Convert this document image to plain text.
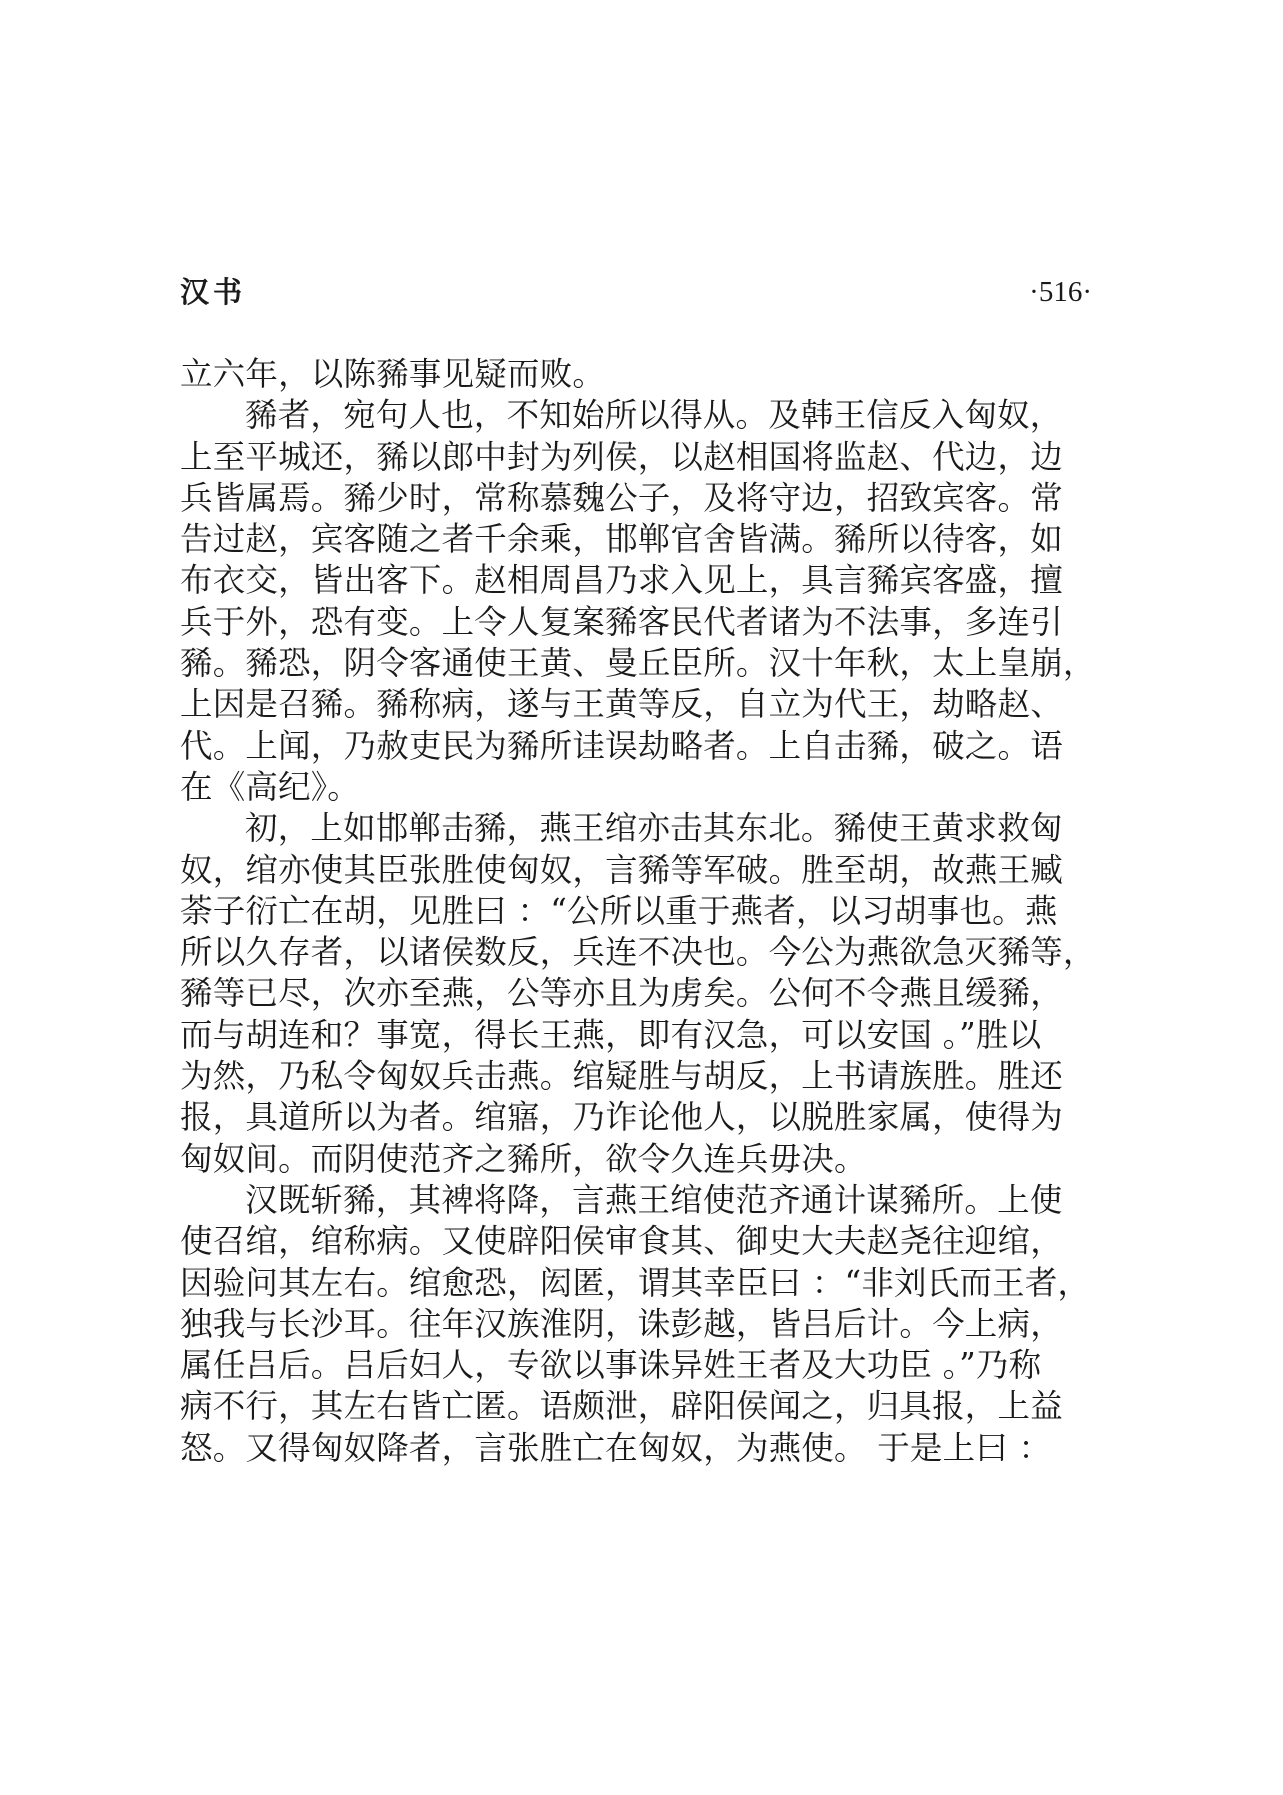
汉书	·516·
立六年，以陈豨事见疑而败。
豨者，宛句人也，不知始所以得从。及韩王信反入匈奴，
上至平城还，豨以郎中封为列侯，以赵相国将监赵、代边，边
兵皆属焉。豨少时，常称慕魏公子，及将守边，招致宾客。常
告过赵，宾客随之者千余乘，邯郸官舍皆满。豨所以待客，如
布衣交，皆出客下。赵相周昌乃求入见上，具言豨宾客盛，擅
兵于外，恐有变。上令人复案豨客民代者诸为不法事，多连引
豨。豨恐，阴令客通使王黄、曼丘臣所。汉十年秋，太上皇崩，
上因是召豨。豨称病，遂与王黄等反，自立为代王，劫略赵、
代。上闻，乃赦吏民为豨所诖误劫略者。上自击豨，破之。语
在《高纪》。
初，上如邯郸击豨，燕王绾亦击其东北。豨使王黄求救匈
奴，绾亦使其臣张胜使匈奴，言豨等军破。胜至胡，故燕王臧
荼子衍亡在胡，见胜曰 ：“公所以重于燕者，以习胡事也。燕
所以久存者，以诸侯数反，兵连不决也。今公为燕欲急灭豨等，
豨等已尽，次亦至燕，公等亦且为虏矣。公何不令燕且缓豨，
而与胡连和？事宽，得长王燕，即有汉急，可以安国 。”胜以
为然，乃私令匈奴兵击燕。绾疑胜与胡反，上书请族胜。胜还
报，具道所以为者。绾寤，乃诈论他人，以脱胜家属，使得为
匈奴间。而阴使范齐之豨所，欲令久连兵毋决。
汉既斩豨，其裨将降，言燕王绾使范齐通计谋豨所。上使
使召绾，绾称病。又使辟阳侯审食其、御史大夫赵尧往迎绾，
因验问其左右。绾愈恐，闳匿，谓其幸臣曰 ：“非刘氏而王者，
独我与长沙耳。往年汉族淮阴，诛彭越，皆吕后计。今上病，
属任吕后。吕后妇人，专欲以事诛异姓王者及大功臣 。”乃称
病不行，其左右皆亡匿。语颇泄，辟阳侯闻之，归具报，上益
怒。又得匈奴降者，言张胜亡在匈奴，为燕使。 于是上曰 ：
